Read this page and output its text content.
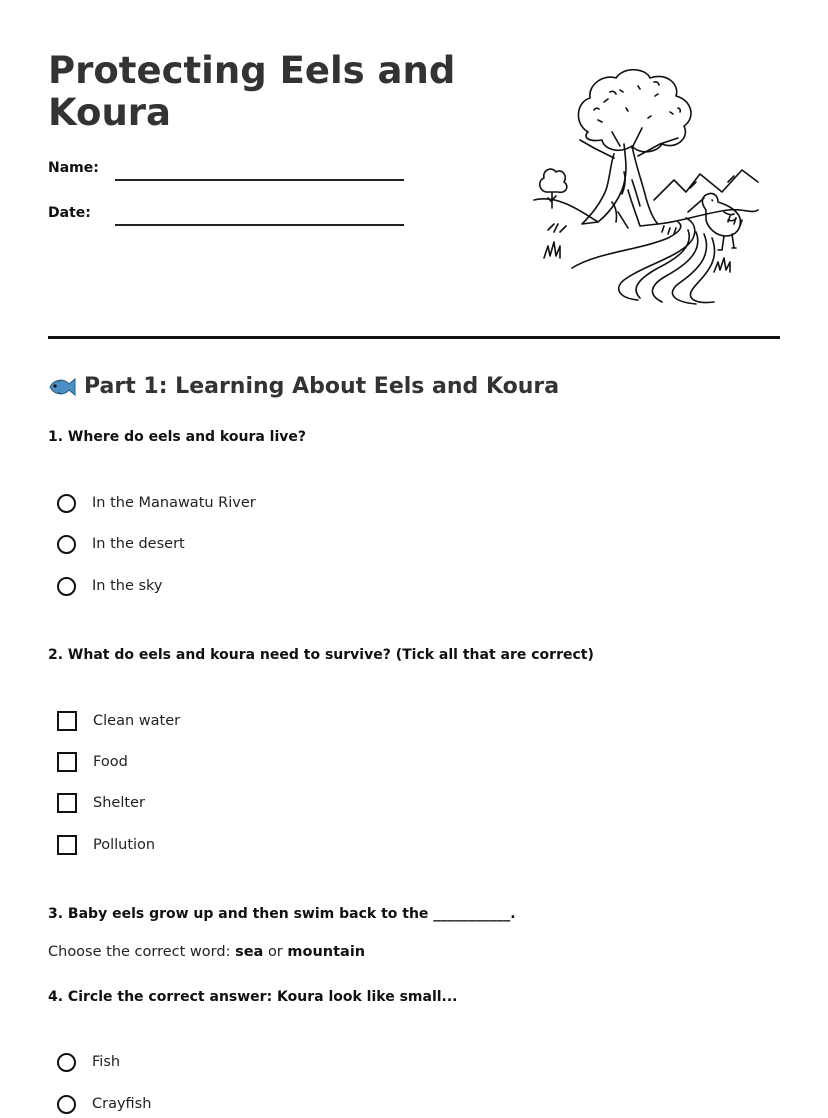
Protecting Eels and Koura
Name:
Date:
Part 1: Learning About Eels and Koura

1. Where do eels and koura live?

In the Manawatu River
In the desert
In the sky

2. What do eels and koura need to survive? (Tick all that are correct)

Clean water
Food
Shelter
Pollution

3. Baby eels grow up and then swim back to the ___________.

Choose the correct word: sea or mountain

4. Circle the correct answer: Koura look like small...

Fish
Crayfish
